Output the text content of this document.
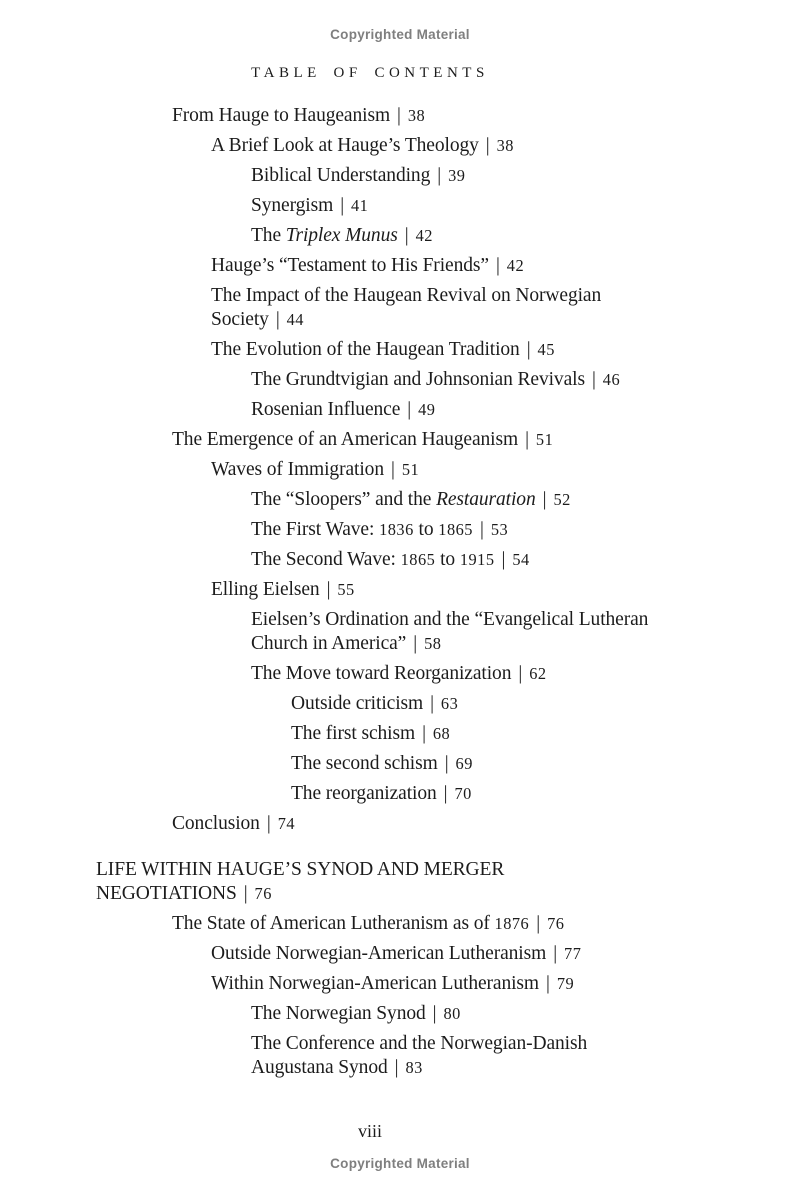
Copyrighted Material
TABLE OF CONTENTS
From Hauge to Haugeanism | 38
A Brief Look at Hauge’s Theology | 38
Biblical Understanding | 39
Synergism | 41
The Triplex Munus | 42
Hauge’s “Testament to His Friends” | 42
The Impact of the Haugean Revival on Norwegian
Society | 44
The Evolution of the Haugean Tradition | 45
The Grundtvigian and Johnsonian Revivals | 46
Rosenian Influence | 49
The Emergence of an American Haugeanism | 51
Waves of Immigration | 51
The “Sloopers” and the Restauration | 52
The First Wave: 1836 to 1865 | 53
The Second Wave: 1865 to 1915 | 54
Elling Eielsen | 55
Eielsen’s Ordination and the “Evangelical Lutheran
Church in America” | 58
The Move toward Reorganization | 62
Outside criticism | 63
The first schism | 68
The second schism | 69
The reorganization | 70
Conclusion | 74
LIFE WITHIN HAUGE’S SYNOD AND MERGER
NEGOTIATIONS | 76
The State of American Lutheranism as of 1876 | 76
Outside Norwegian-American Lutheranism | 77
Within Norwegian-American Lutheranism | 79
The Norwegian Synod | 80
The Conference and the Norwegian-Danish
Augustana Synod | 83
viii
Copyrighted Material
